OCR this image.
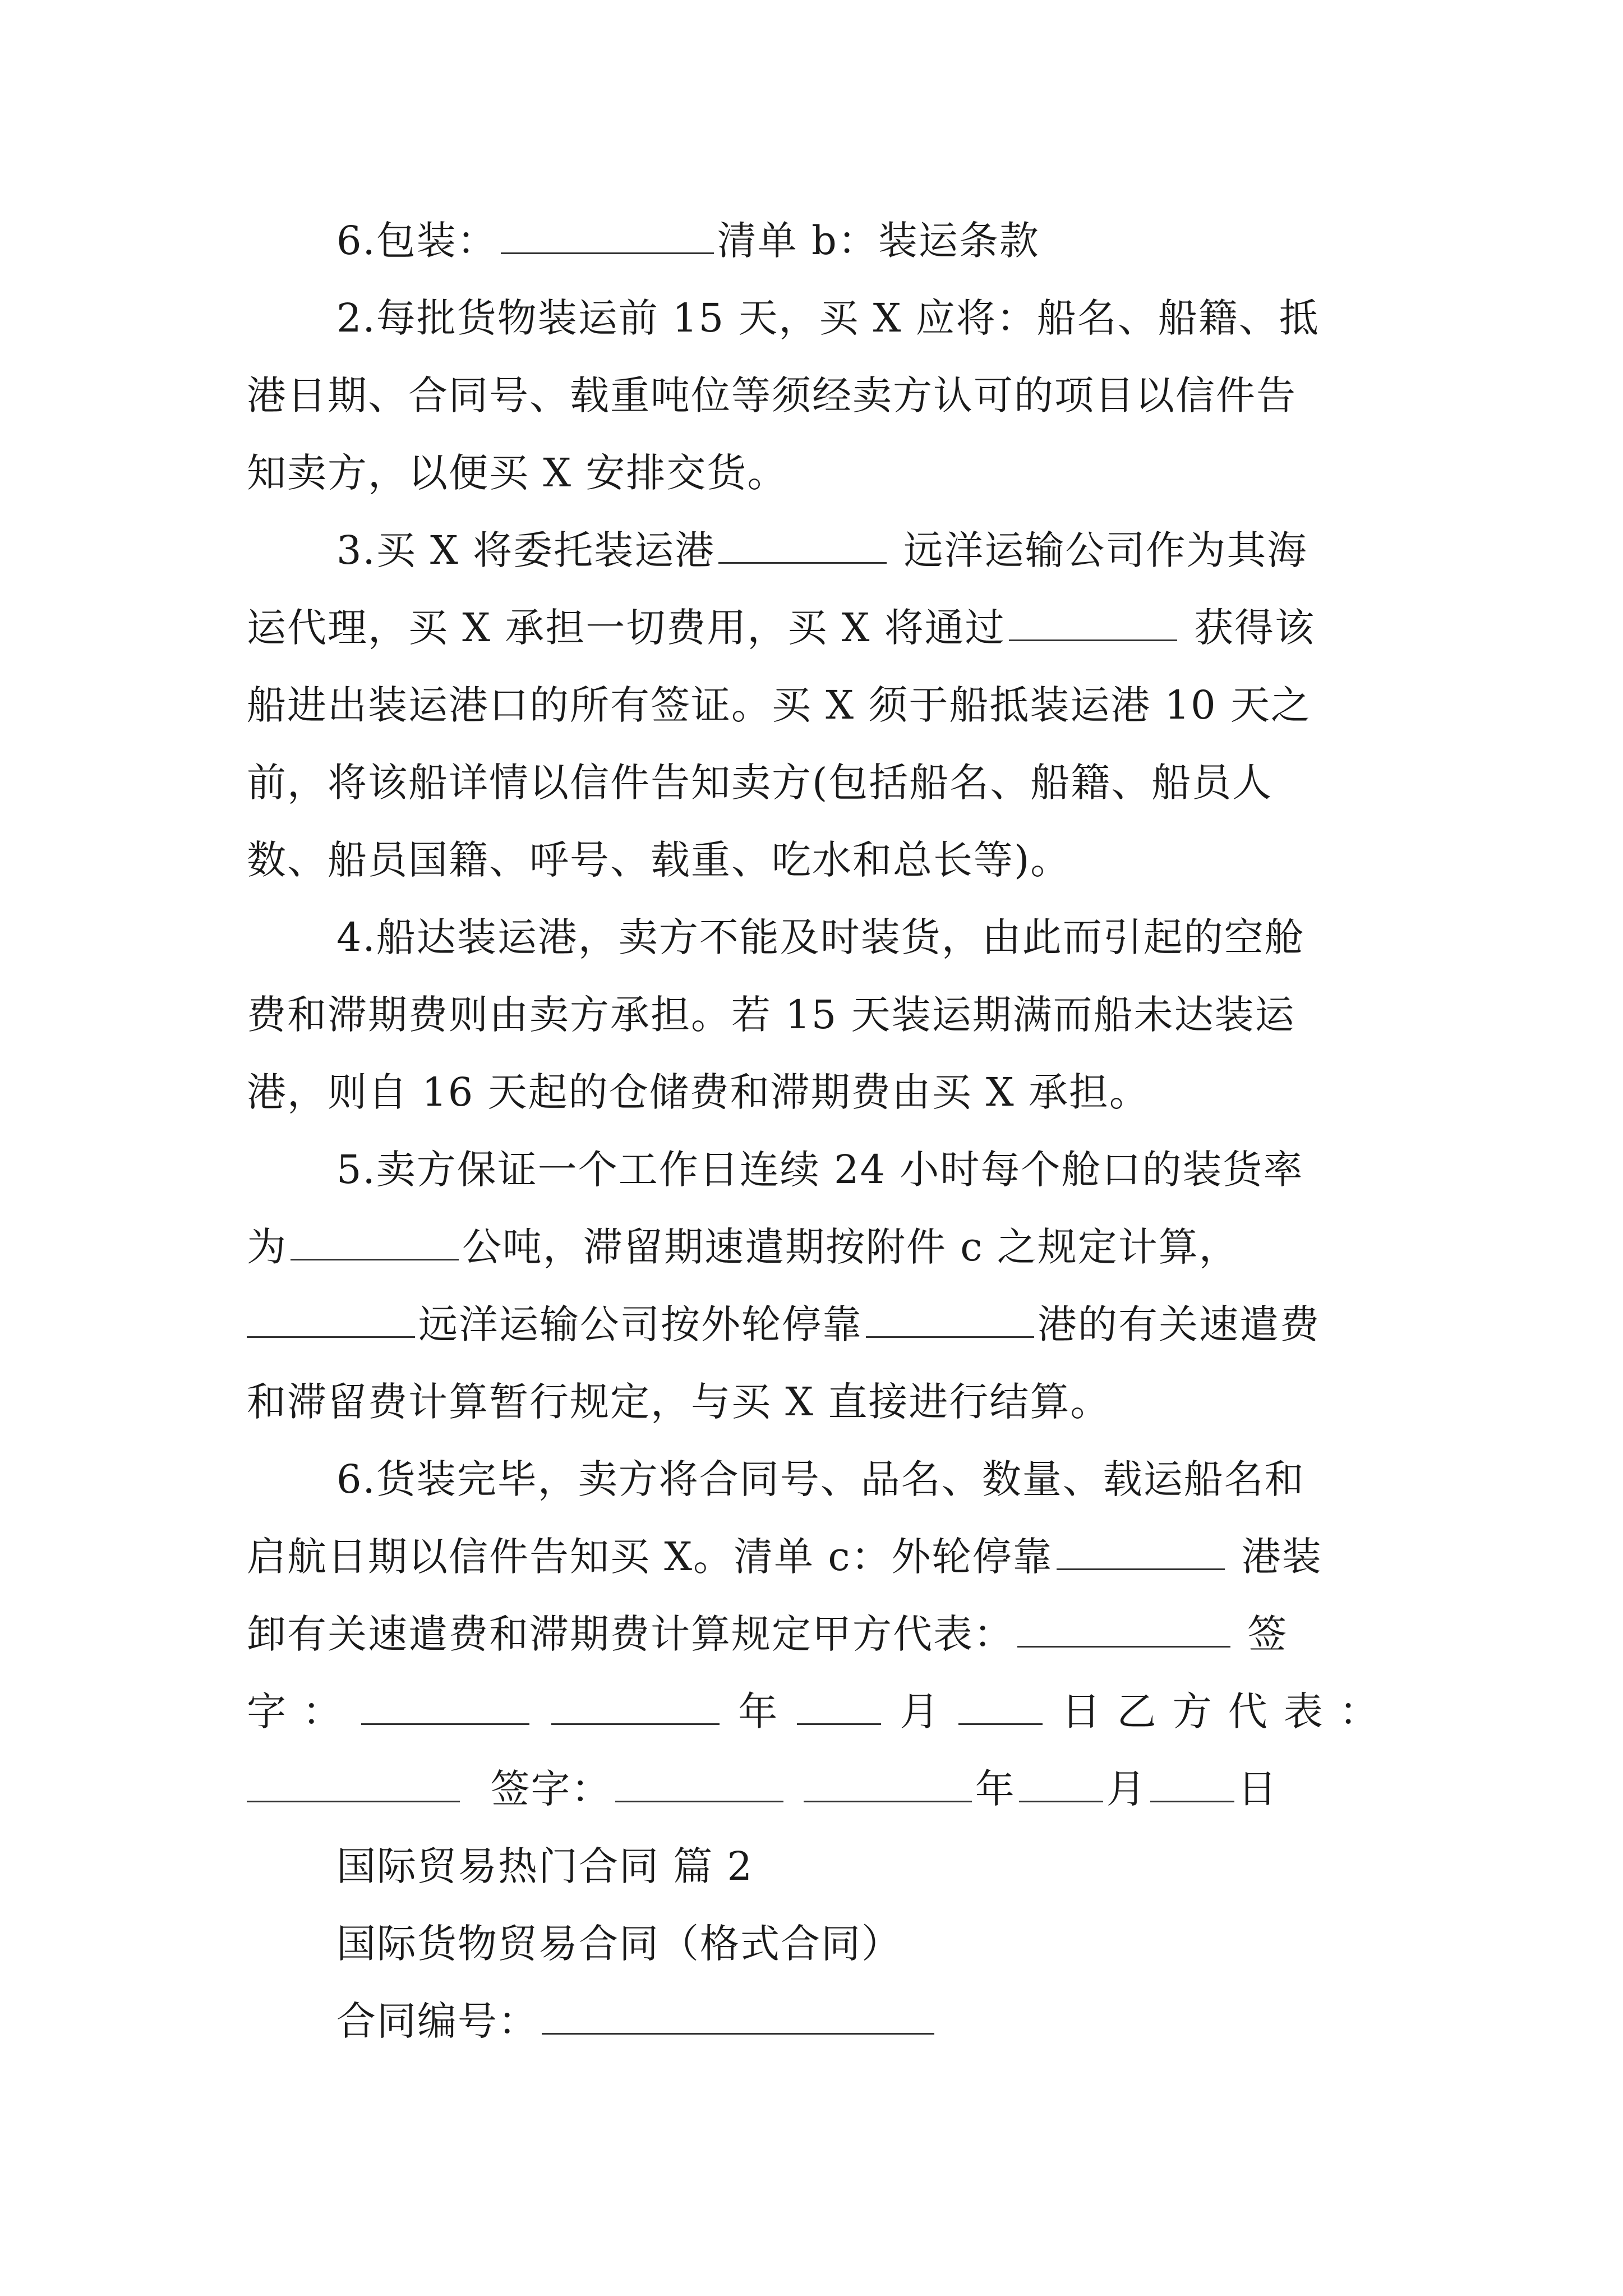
6.包装：	清单 b：装运条款
2.每批货物装运前 15 天，买 X 应将：船名、船籍、抵
港日期、合同号、载重吨位等须经卖方认可的项目以信件告
知卖方，以便买 X 安排交货。
3.买 X 将委托装运港	远洋运输公司作为其海
运代理，买 X 承担一切费用，买 X 将通过	获得该
船进出装运港口的所有签证。买 X 须于船抵装运港 10 天之
前，将该船详情以信件告知卖方(包括船名、船籍、船员人
数、船员国籍、呼号、载重、吃水和总长等)。
4.船达装运港，卖方不能及时装货，由此而引起的空舱
费和滞期费则由卖方承担。若 15 天装运期满而船未达装运
港，则自 16 天起的仓储费和滞期费由买 X 承担。
5.卖方保证一个工作日连续 24 小时每个舱口的装货率
为	公吨，滞留期速遣期按附件 c 之规定计算，
远洋运输公司按外轮停靠	港的有关速遣费
和滞留费计算暂行规定，与买 X 直接进行结算。
6.货装完毕，卖方将合同号、品名、数量、载运船名和
启航日期以信件告知买 X。清单 c：外轮停靠	港装
卸有关速遣费和滞期费计算规定甲方代表：	签
字 ：	年	月	日 乙 方 代 表 ：
签字：	年 月 日
国际贸易热门合同 篇 2
国际货物贸易合同（格式合同）
合同编号：
